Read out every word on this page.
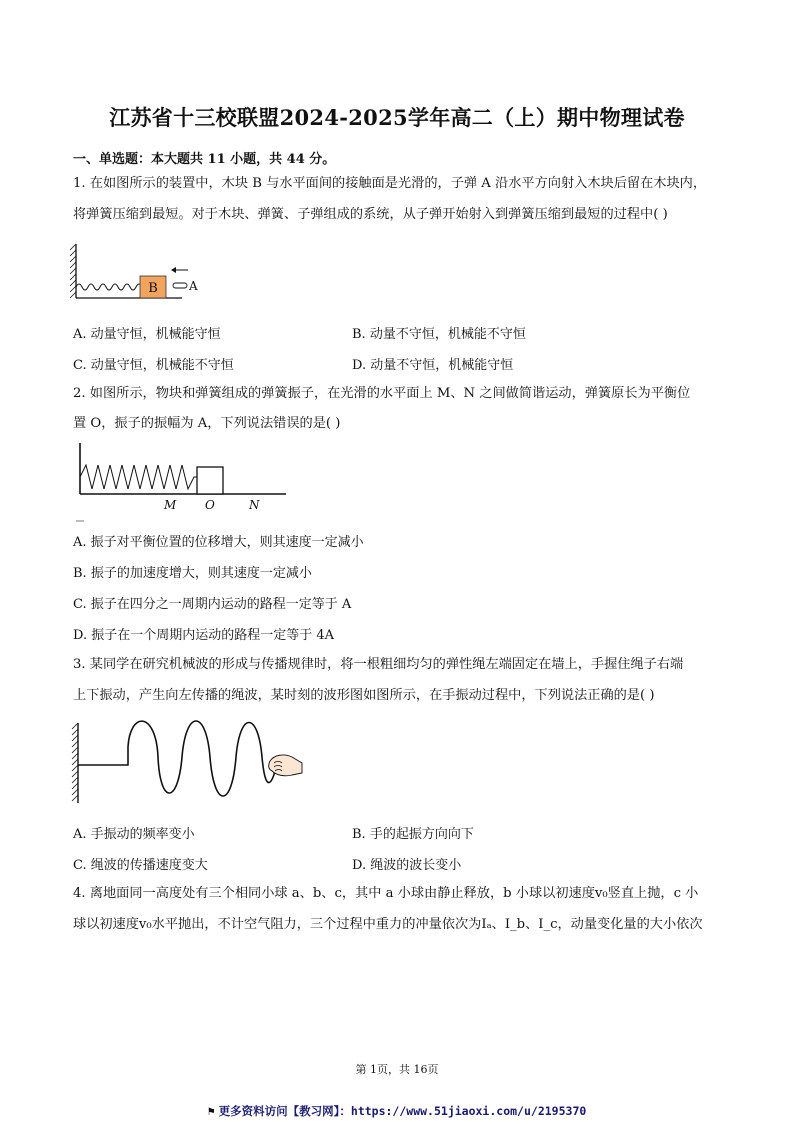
江苏省十三校联盟2024-2025学年高二（上）期中物理试卷
一、单选题：本大题共 11 小题，共 44 分。
1. 在如图所示的装置中，木块 B 与水平面间的接触面是光滑的，子弹 A 沿水平方向射入木块后留在木块内，
将弹簧压缩到最短。对于木块、弹簧、子弹组成的系统，从子弹开始射入到弹簧压缩到最短的过程中( )
B	A
A. 动量守恒，机械能守恒	B. 动量不守恒，机械能不守恒
C. 动量守恒，机械能不守恒	D. 动量不守恒，机械能守恒
2. 如图所示，物块和弹簧组成的弹簧振子，在光滑的水平面上 M、N 之间做简谐运动，弹簧原长为平衡位
置 O，振子的振幅为 A，下列说法错误的是( )
M O	N
A. 振子对平衡位置的位移增大，则其速度一定减小
B. 振子的加速度增大，则其速度一定减小
C. 振子在四分之一周期内运动的路程一定等于 A
D. 振子在一个周期内运动的路程一定等于 4A
3. 某同学在研究机械波的形成与传播规律时，将一根粗细均匀的弹性绳左端固定在墙上，手握住绳子右端
上下振动，产生向左传播的绳波，某时刻的波形图如图所示，在手振动过程中，下列说法正确的是( )
A. 手振动的频率变小	B. 手的起振方向向下
C. 绳波的传播速度变大	D. 绳波的波长变小
4. 离地面同一高度处有三个相同小球 a、b、c，其中 a 小球由静止释放，b 小球以初速度v₀竖直上抛，c 小
球以初速度v₀水平抛出，不计空气阻力，三个过程中重力的冲量依次为Iₐ、I_b、I_c，动量变化量的大小依次
第 1页，共 16页
⚑ 更多资料访问【教习网】：https://www.51jiaoxi.com/u/2195370
